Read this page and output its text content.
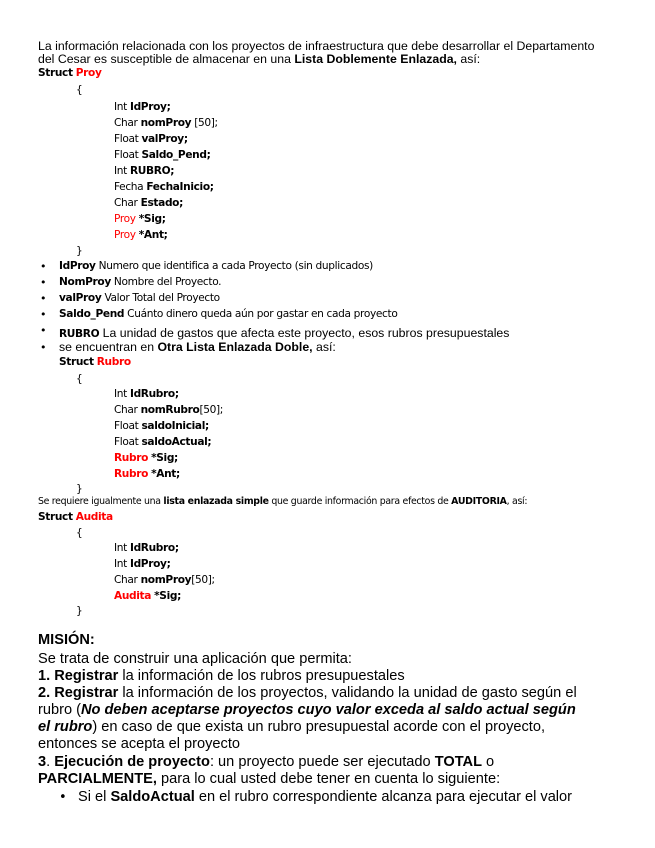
La información relacionada con los proyectos de infraestructura que debe desarrollar el Departamento
del Cesar es susceptible de almacenar en una Lista Doblemente Enlazada, así:
Struct Proy
{
Int IdProy;
Char nomProy [50];
Float valProy;
Float Saldo_Pend;
Int RUBRO;
Fecha FechaInicio;
Char Estado;
Proy *Sig;
Proy *Ant;
}
• IdProy Numero que identifica a cada Proyecto (sin duplicados)
• NomProy Nombre del Proyecto.
• valProy Valor Total del Proyecto
• Saldo_Pend Cuánto dinero queda aún por gastar en cada proyecto
• RUBRO La unidad de gastos que afecta este proyecto, esos rubros presupuestales
• se encuentran en Otra Lista Enlazada Doble, así:
Struct Rubro
{
Int IdRubro;
Char nomRubro[50];
Float saldoInicial;
Float saldoActual;
Rubro *Sig;
Rubro *Ant;
}
Se requiere igualmente una lista enlazada simple que guarde información para efectos de AUDITORIA, así:
Struct Audita
{
Int IdRubro;
Int IdProy;
Char nomProy[50];
Audita *Sig;
}
MISIÓN:
Se trata de construir una aplicación que permita:
1. Registrar la información de los rubros presupuestales
2. Registrar la información de los proyectos, validando la unidad de gasto según el
rubro (No deben aceptarse proyectos cuyo valor exceda al saldo actual según
el rubro) en caso de que exista un rubro presupuestal acorde con el proyecto,
entonces se acepta el proyecto
3. Ejecución de proyecto: un proyecto puede ser ejecutado TOTAL o
PARCIALMENTE, para lo cual usted debe tener en cuenta lo siguiente:
• Si el SaldoActual en el rubro correspondiente alcanza para ejecutar el valor
